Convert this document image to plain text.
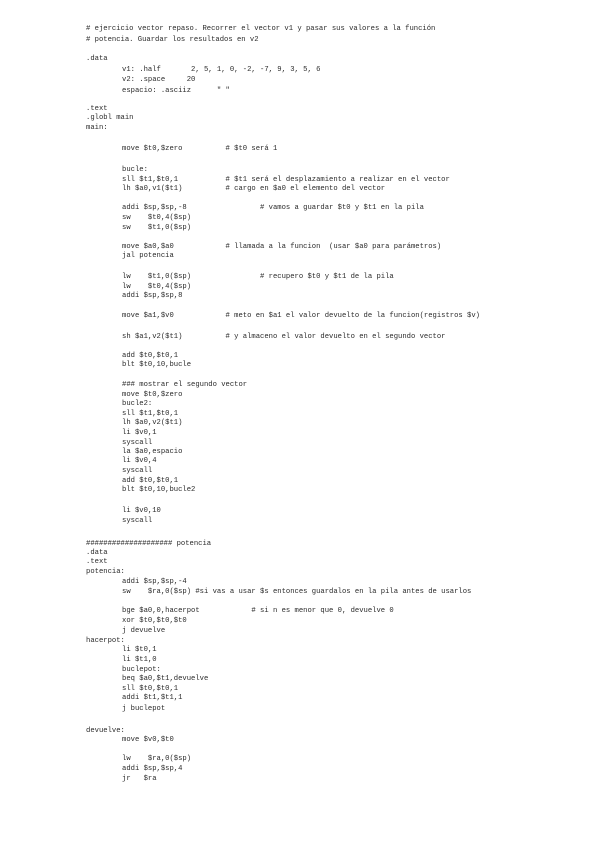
# ejercicio vector repaso. Recorrer el vector v1 y pasar sus valores a la función
# potencia. Guardar los resultados en v2
.data
v1: .half       2, 5, 1, 0, -2, -7, 9, 3, 5, 6
v2: .space     20
espacio: .asciiz      " "
.text
.globl main
main:
move $t0,$zero          # $t0 será 1
bucle:
sll $t1,$t0,1           # $t1 será el desplazamiento a realizar en el vector
lh $a0,v1($t1)          # cargo en $a0 el elemento del vector
addi $sp,$sp,-8                 # vamos a guardar $t0 y $t1 en la pila
sw    $t0,4($sp)
sw    $t1,0($sp)
move $a0,$a0            # llamada a la funcion  (usar $a0 para parámetros)
jal potencia
lw    $t1,0($sp)                # recupero $t0 y $t1 de la pila
lw    $t0,4($sp)
addi $sp,$sp,8
move $a1,$v0            # meto en $a1 el valor devuelto de la funcion(registros $v)
sh $a1,v2($t1)          # y almaceno el valor devuelto en el segundo vector
add $t0,$t0,1
blt $t0,10,bucle
### mostrar el segundo vector
move $t0,$zero
bucle2:
sll $t1,$t0,1
lh $a0,v2($t1)
li $v0,1
syscall
la $a0,espacio
li $v0,4
syscall
add $t0,$t0,1
blt $t0,10,bucle2
li $v0,10
syscall
#################### potencia
.data
.text
potencia:
addi $sp,$sp,-4
sw    $ra,0($sp) #si vas a usar $s entonces guardalos en la pila antes de usarlos
bge $a0,0,hacerpot            # si n es menor que 0, devuelve 0
xor $t0,$t0,$t0
j devuelve
hacerpot:
li $t0,1
li $t1,0
buclepot:
beq $a0,$t1,devuelve
sll $t0,$t0,1
addi $t1,$t1,1
j buclepot
devuelve:
move $v0,$t0
lw    $ra,0($sp)
addi $sp,$sp,4
jr   $ra
